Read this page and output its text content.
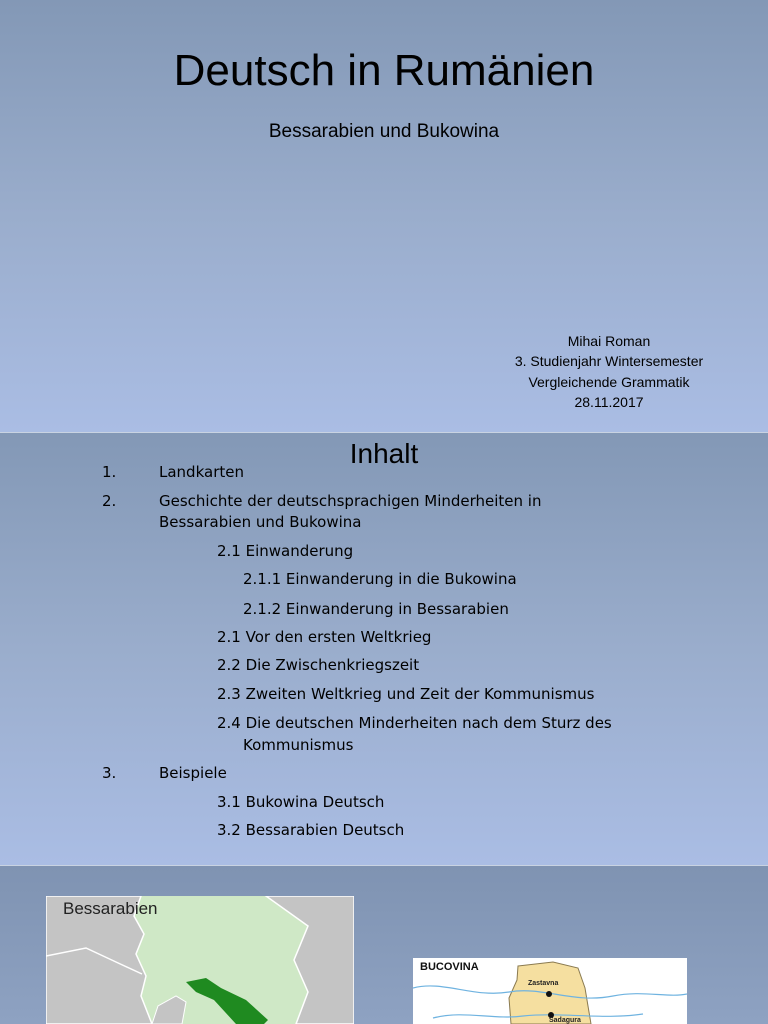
Deutsch in Rumänien
Bessarabien und Bukowina
Mihai Roman
3. Studienjahr Wintersemester
Vergleichende Grammatik
28.11.2017
Inhalt
1.	Landkarten
2.	Geschichte der deutschsprachigen Minderheiten in
Bessarabien und Bukowina
2.1 Einwanderung
2.1.1 Einwanderung in die Bukowina
2.1.2 Einwanderung in Bessarabien
2.1 Vor den ersten Weltkrieg
2.2 Die Zwischenkriegszeit
2.3 Zweiten Weltkrieg und Zeit der Kommunismus
2.4 Die deutschen Minderheiten nach dem Sturz des
Kommunismus
3.	Beispiele
3.1 Bukowina Deutsch
3.2 Bessarabien Deutsch
Bessarabien
BUCOVINA
Zastavna
Sadagura
